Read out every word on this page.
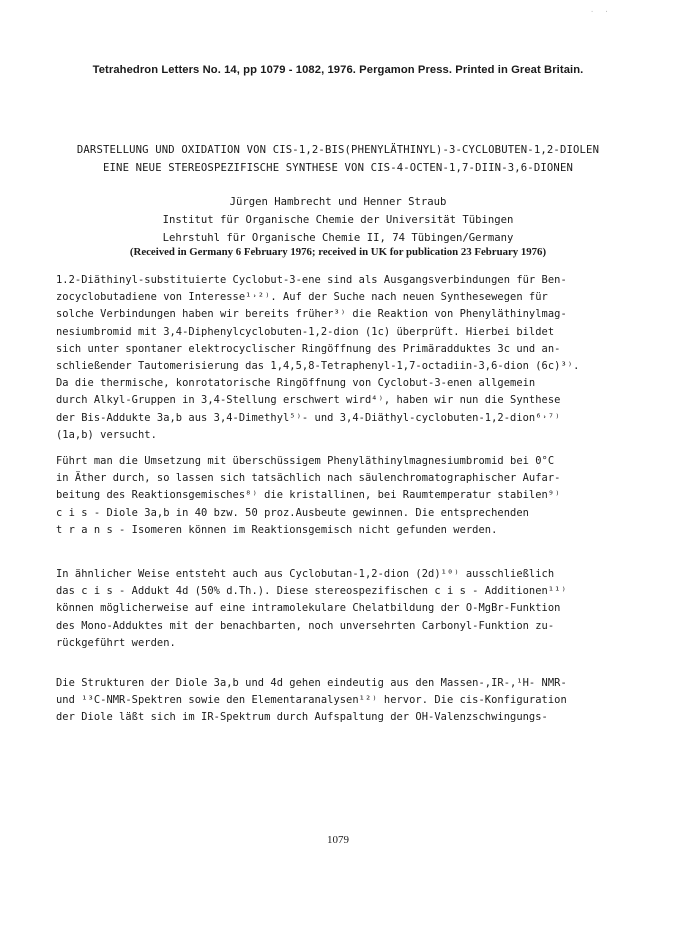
· ·
Tetrahedron Letters No. 14, pp 1079 - 1082, 1976. Pergamon Press. Printed in Great Britain.
DARSTELLUNG UND OXIDATION VON CIS-1,2-BIS(PHENYLÄTHINYL)-3-CYCLOBUTEN-1,2-DIOLEN
EINE NEUE STEREOSPEZIFISCHE SYNTHESE VON CIS-4-OCTEN-1,7-DIIN-3,6-DIONEN
Jürgen Hambrecht und Henner Straub
Institut für Organische Chemie der Universität Tübingen
Lehrstuhl für Organische Chemie II, 74 Tübingen/Germany
(Received in Germany 6 February 1976; received in UK for publication 23 February 1976)
1.2-Diäthinyl-substituierte Cyclobut-3-ene sind als Ausgangsverbindungen für Ben-
zocyclobutadiene von Interesse¹˒²⁾. Auf der Suche nach neuen Synthesewegen für
solche Verbindungen haben wir bereits früher³⁾ die Reaktion von Phenyläthinylmag-
nesiumbromid mit 3,4-Diphenylcyclobuten-1,2-dion (1c) überprüft. Hierbei bildet
sich unter spontaner elektrocyclischer Ringöffnung des Primäradduktes 3c und an-
schließender Tautomerisierung das 1,4,5,8-Tetraphenyl-1,7-octadiin-3,6-dion (6c)³⁾.
Da die thermische, konrotatorische Ringöffnung von Cyclobut-3-enen allgemein
durch Alkyl-Gruppen in 3,4-Stellung erschwert wird⁴⁾, haben wir nun die Synthese
der Bis-Addukte 3a,b aus 3,4-Dimethyl⁵⁾- und 3,4-Diäthyl-cyclobuten-1,2-dion⁶˒⁷⁾
(1a,b) versucht.
Führt man die Umsetzung mit überschüssigem Phenyläthinylmagnesiumbromid bei 0°C
in Äther durch, so lassen sich tatsächlich nach säulenchromatographischer Aufar-
beitung des Reaktionsgemisches⁸⁾ die kristallinen, bei Raumtemperatur stabilen⁹⁾
c i s - Diole 3a,b in 40 bzw. 50 proz.Ausbeute gewinnen. Die entsprechenden
t r a n s - Isomeren können im Reaktionsgemisch nicht gefunden werden.
In ähnlicher Weise entsteht auch aus Cyclobutan-1,2-dion (2d)¹⁰⁾ ausschließlich
das c i s - Addukt 4d (50% d.Th.). Diese stereospezifischen c i s - Additionen¹¹⁾
können möglicherweise auf eine intramolekulare Chelatbildung der O-MgBr-Funktion
des Mono-Adduktes mit der benachbarten, noch unversehrten Carbonyl-Funktion zu-
rückgeführt werden.
Die Strukturen der Diole 3a,b und 4d gehen eindeutig aus den Massen-,IR-,¹H- NMR-
und ¹³C-NMR-Spektren sowie den Elementaranalysen¹²⁾ hervor. Die cis-Konfiguration
der Diole läßt sich im IR-Spektrum durch Aufspaltung der OH-Valenzschwingungs-
1079
